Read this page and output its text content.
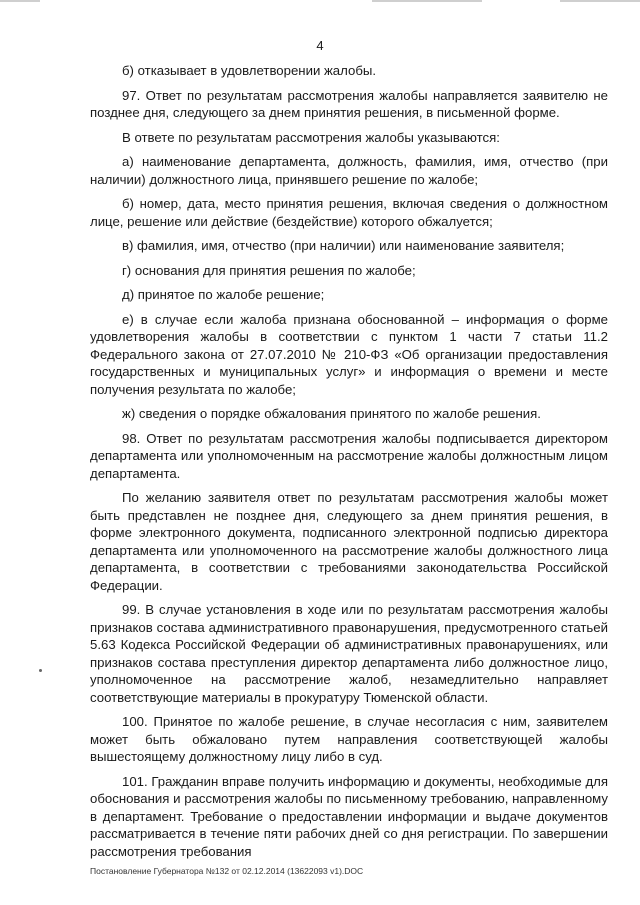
4

б) отказывает в удовлетворении жалобы.

97. Ответ по результатам рассмотрения жалобы направляется заявителю не позднее дня, следующего за днем принятия решения, в письменной форме.

В ответе по результатам рассмотрения жалобы указываются:

а) наименование департамента, должность, фамилия, имя, отчество (при наличии) должностного лица, принявшего решение по жалобе;

б) номер, дата, место принятия решения, включая сведения о должностном лице, решение или действие (бездействие) которого обжалуется;

в) фамилия, имя, отчество (при наличии) или наименование заявителя;

г) основания для принятия решения по жалобе;

д) принятое по жалобе решение;

е) в случае если жалоба признана обоснованной – информация о форме удовлетворения жалобы в соответствии с пунктом 1 части 7 статьи 11.2 Федерального закона от 27.07.2010 № 210-ФЗ «Об организации предоставления государственных и муниципальных услуг» и информация о времени и месте получения результата по жалобе;

ж) сведения о порядке обжалования принятого по жалобе решения.

98. Ответ по результатам рассмотрения жалобы подписывается директором департамента или уполномоченным на рассмотрение жалобы должностным лицом департамента.

По желанию заявителя ответ по результатам рассмотрения жалобы может быть представлен не позднее дня, следующего за днем принятия решения, в форме электронного документа, подписанного электронной подписью директора департамента или уполномоченного на рассмотрение жалобы должностного лица департамента, в соответствии с требованиями законодательства Российской Федерации.

99. В случае установления в ходе или по результатам рассмотрения жалобы признаков состава административного правонарушения, предусмотренного статьей 5.63 Кодекса Российской Федерации об административных правонарушениях, или признаков состава преступления директор департамента либо должностное лицо, уполномоченное на рассмотрение жалоб, незамедлительно направляет соответствующие материалы в прокуратуру Тюменской области.

100. Принятое по жалобе решение, в случае несогласия с ним, заявителем может быть обжаловано путем направления соответствующей жалобы вышестоящему должностному лицу либо в суд.

101. Гражданин вправе получить информацию и документы, необходимые для обоснования и рассмотрения жалобы по письменному требованию, направленному в департамент. Требование о предоставлении информации и выдаче документов рассматривается в течение пяти рабочих дней со дня регистрации. По завершении рассмотрения требования

Постановление Губернатора №132 от 02.12.2014 (13622093 v1).DOC
